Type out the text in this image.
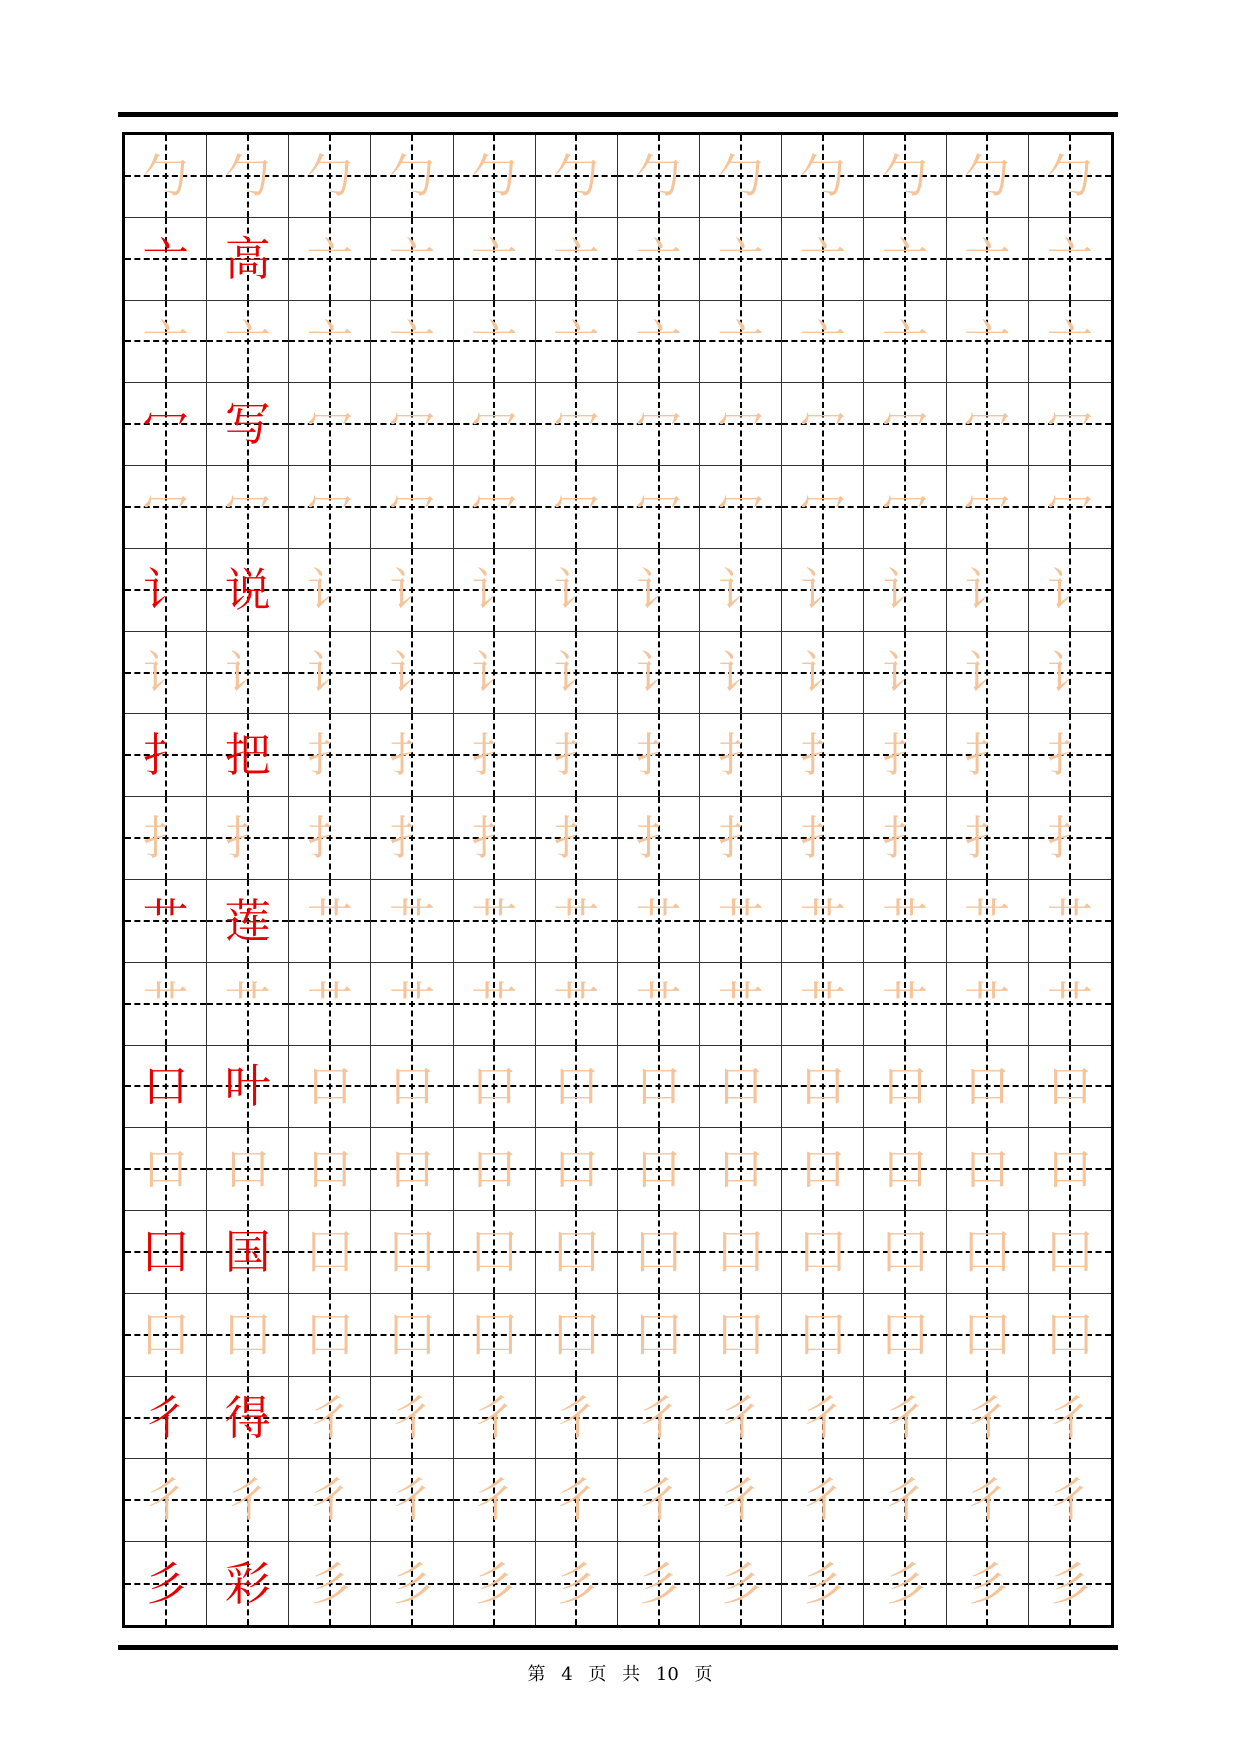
勹 勹 勹 勹 勹 勹 勹 勹 勹 勹 勹 勹
亠 高 亠 亠 亠 亠 亠 亠 亠 亠 亠 亠
亠 亠 亠 亠 亠 亠 亠 亠 亠 亠 亠 亠
冖 写 冖 冖 冖 冖 冖 冖 冖 冖 冖 冖
冖 冖 冖 冖 冖 冖 冖 冖 冖 冖 冖 冖
讠 说 讠 讠 讠 讠 讠 讠 讠 讠 讠 讠
讠 讠 讠 讠 讠 讠 讠 讠 讠 讠 讠 讠
扌 把 扌 扌 扌 扌 扌 扌 扌 扌 扌 扌
扌 扌 扌 扌 扌 扌 扌 扌 扌 扌 扌 扌
艹 莲 艹 艹 艹 艹 艹 艹 艹 艹 艹 艹
艹 艹 艹 艹 艹 艹 艹 艹 艹 艹 艹 艹
口 叶 口 口 口 口 口 口 口 口 口 口
口 口 口 口 口 口 口 口 口 口 口 口
囗 国 囗 囗 囗 囗 囗 囗 囗 囗 囗 囗
囗 囗 囗 囗 囗 囗 囗 囗 囗 囗 囗 囗
彳 得 彳 彳 彳 彳 彳 彳 彳 彳 彳 彳
彳 彳 彳 彳 彳 彳 彳 彳 彳 彳 彳 彳
彡 彩 彡 彡 彡 彡 彡 彡 彡 彡 彡 彡
第 4 页 共 10 页
